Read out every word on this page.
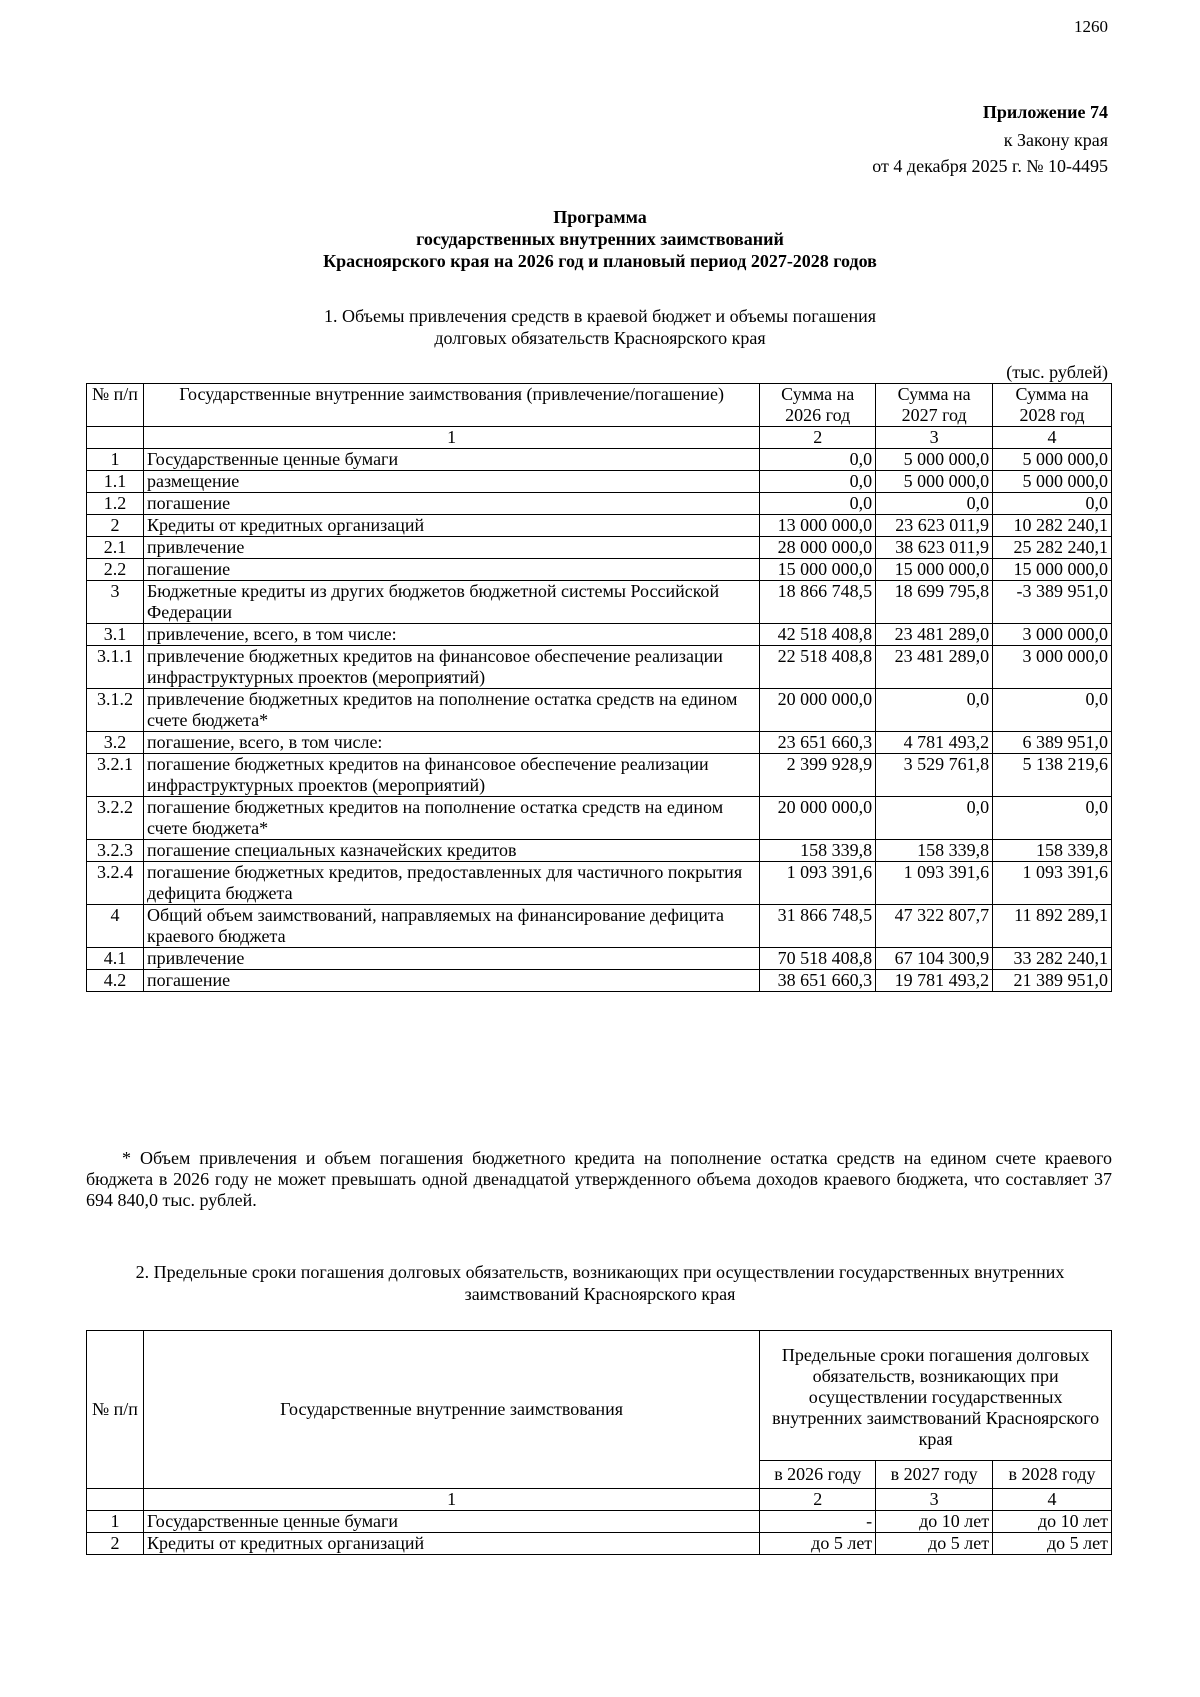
1260
Приложение 74
к Закону края
от 4 декабря 2025 г. № 10-4495
Программа
государственных внутренних заимствований
Красноярского края на 2026 год и плановый период 2027-2028 годов
1. Объемы привлечения средств в краевой бюджет и объемы погашения
долговых обязательств Красноярского края
(тыс. рублей)
№ п/п	Государственные внутренние заимствования (привлечение/погашение)	Сумма на 2026 год	Сумма на 2027 год	Сумма на 2028 год
	1	2	3	4
1	Государственные ценные бумаги	0,0	5 000 000,0	5 000 000,0
1.1	размещение	0,0	5 000 000,0	5 000 000,0
1.2	погашение	0,0	0,0	0,0
2	Кредиты от кредитных организаций	13 000 000,0	23 623 011,9	10 282 240,1
2.1	привлечение	28 000 000,0	38 623 011,9	25 282 240,1
2.2	погашение	15 000 000,0	15 000 000,0	15 000 000,0
3	Бюджетные кредиты из других бюджетов бюджетной системы Российской Федерации	18 866 748,5	18 699 795,8	-3 389 951,0
3.1	привлечение, всего, в том числе:	42 518 408,8	23 481 289,0	3 000 000,0
3.1.1	привлечение бюджетных кредитов на финансовое обеспечение реализации инфраструктурных проектов (мероприятий)	22 518 408,8	23 481 289,0	3 000 000,0
3.1.2	привлечение бюджетных кредитов на пополнение остатка средств на едином счете бюджета*	20 000 000,0	0,0	0,0
3.2	погашение, всего, в том числе:	23 651 660,3	4 781 493,2	6 389 951,0
3.2.1	погашение бюджетных кредитов на финансовое обеспечение реализации инфраструктурных проектов (мероприятий)	2 399 928,9	3 529 761,8	5 138 219,6
3.2.2	погашение бюджетных кредитов на пополнение остатка средств на едином счете бюджета*	20 000 000,0	0,0	0,0
3.2.3	погашение специальных казначейских кредитов	158 339,8	158 339,8	158 339,8
3.2.4	погашение бюджетных кредитов, предоставленных для частичного покрытия дефицита бюджета	1 093 391,6	1 093 391,6	1 093 391,6
4	Общий объем заимствований, направляемых на финансирование дефицита краевого бюджета	31 866 748,5	47 322 807,7	11 892 289,1
4.1	привлечение	70 518 408,8	67 104 300,9	33 282 240,1
4.2	погашение	38 651 660,3	19 781 493,2	21 389 951,0
* Объем привлечения и объем погашения бюджетного кредита на пополнение остатка средств на едином счете краевого бюджета в 2026 году не может превышать одной двенадцатой утвержденного объема доходов краевого бюджета, что составляет 37 694 840,0 тыс. рублей.
2. Предельные сроки погашения долговых обязательств, возникающих при осуществлении государственных внутренних
заимствований Красноярского края
№ п/п	Государственные внутренние заимствования	Предельные сроки погашения долговых обязательств, возникающих при осуществлении государственных внутренних заимствований Красноярского края		
		в 2026 году	в 2027 году	в 2028 году
	1	2	3	4
1	Государственные ценные бумаги	-	до 10 лет	до 10 лет
2	Кредиты от кредитных организаций	до 5 лет	до 5 лет	до 5 лет
